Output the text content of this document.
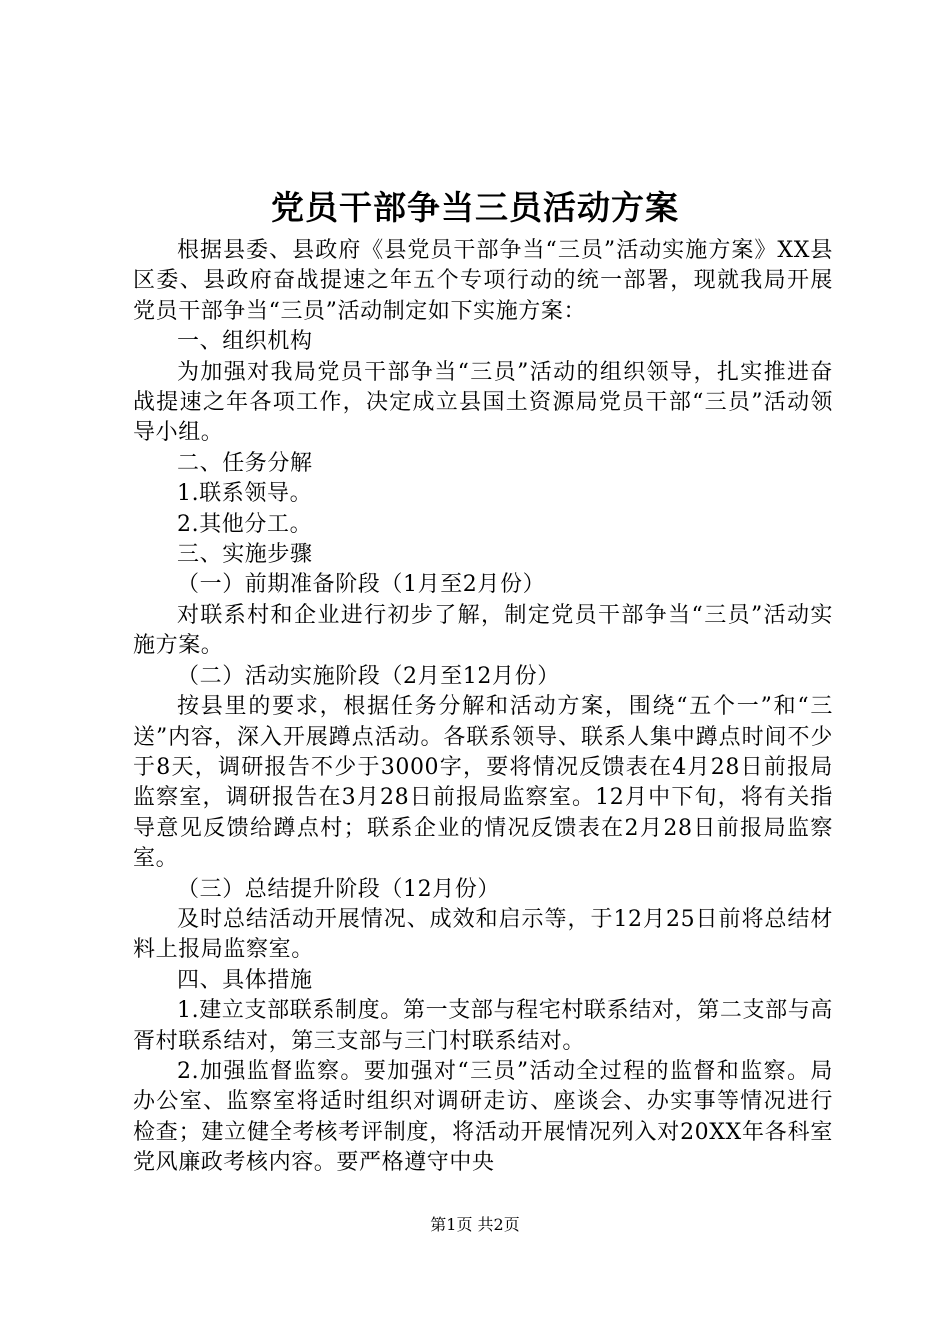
党员干部争当三员活动方案

根据县委、县政府《县党员干部争当“三员”活动实施方案》XX县区委、县政府奋战提速之年五个专项行动的统一部署，现就我局开展党员干部争当“三员”活动制定如下实施方案：

一、组织机构

为加强对我局党员干部争当“三员”活动的组织领导，扎实推进奋战提速之年各项工作，决定成立县国土资源局党员干部“三员”活动领导小组。

二、任务分解

1.联系领导。

2.其他分工。

三、实施步骤

（一）前期准备阶段（1月至2月份）

对联系村和企业进行初步了解，制定党员干部争当“三员”活动实施方案。

（二）活动实施阶段（2月至12月份）

按县里的要求，根据任务分解和活动方案，围绕“五个一”和“三送”内容，深入开展蹲点活动。各联系领导、联系人集中蹲点时间不少于8天，调研报告不少于3000字，要将情况反馈表在4月28日前报局监察室，调研报告在3月28日前报局监察室。12月中下旬，将有关指导意见反馈给蹲点村；联系企业的情况反馈表在2月28日前报局监察室。

（三）总结提升阶段（12月份）

及时总结活动开展情况、成效和启示等，于12月25日前将总结材料上报局监察室。

四、具体措施

1.建立支部联系制度。第一支部与程宅村联系结对，第二支部与高胥村联系结对，第三支部与三门村联系结对。

2.加强监督监察。要加强对“三员”活动全过程的监督和监察。局办公室、监察室将适时组织对调研走访、座谈会、办实事等情况进行检查；建立健全考核考评制度，将活动开展情况列入对20XX年各科室党风廉政考核内容。要严格遵守中央

第1页 共2页
